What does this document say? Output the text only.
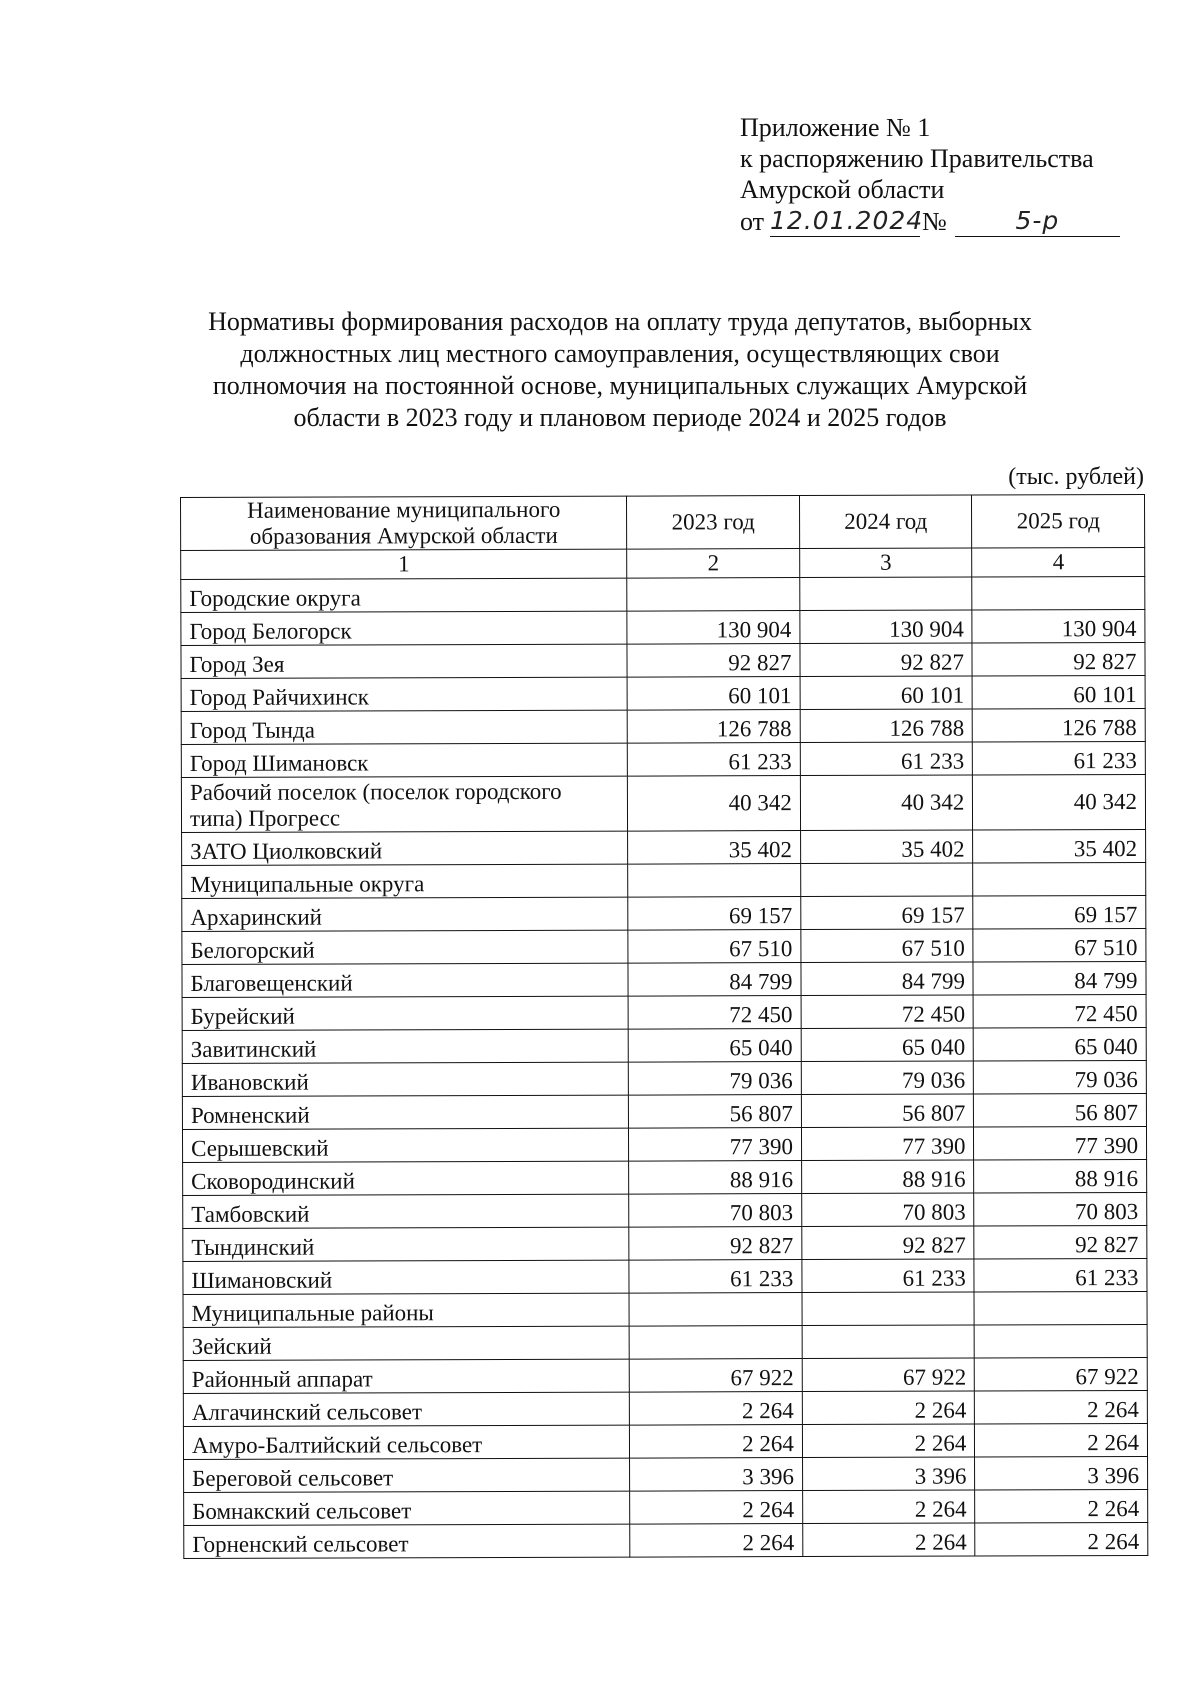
Приложение № 1
к распоряжению Правительства
Амурской области
от 12.01.2024
№	5-р
Нормативы формирования расходов на оплату труда депутатов, выборных
должностных лиц местного самоуправления, осуществляющих свои
полномочия на постоянной основе, муниципальных служащих Амурской
области в 2023 году и плановом периоде 2024 и 2025 годов
(тыс. рублей)
Наименование муниципального
образования Амурской области	2023 год	2024 год	2025 год
1	2	3	4
Городские округа			
Город Белогорск	130 904	130 904	130 904
Город Зея	92 827	92 827	92 827
Город Райчихинск	60 101	60 101	60 101
Город Тында	126 788	126 788	126 788
Город Шимановск	61 233	61 233	61 233
Рабочий поселок (поселок городского типа) Прогресс	40 342	40 342	40 342
ЗАТО Циолковский	35 402	35 402	35 402
Муниципальные округа			
Архаринский	69 157	69 157	69 157
Белогорский	67 510	67 510	67 510
Благовещенский	84 799	84 799	84 799
Бурейский	72 450	72 450	72 450
Завитинский	65 040	65 040	65 040
Ивановский	79 036	79 036	79 036
Ромненский	56 807	56 807	56 807
Серышевский	77 390	77 390	77 390
Сковородинский	88 916	88 916	88 916
Тамбовский	70 803	70 803	70 803
Тындинский	92 827	92 827	92 827
Шимановский	61 233	61 233	61 233
Муниципальные районы			
Зейский			
Районный аппарат	67 922	67 922	67 922
Алгачинский сельсовет	2 264	2 264	2 264
Амуро-Балтийский сельсовет	2 264	2 264	2 264
Береговой сельсовет	3 396	3 396	3 396
Бомнакский сельсовет	2 264	2 264	2 264
Горненский сельсовет	2 264	2 264	2 264
